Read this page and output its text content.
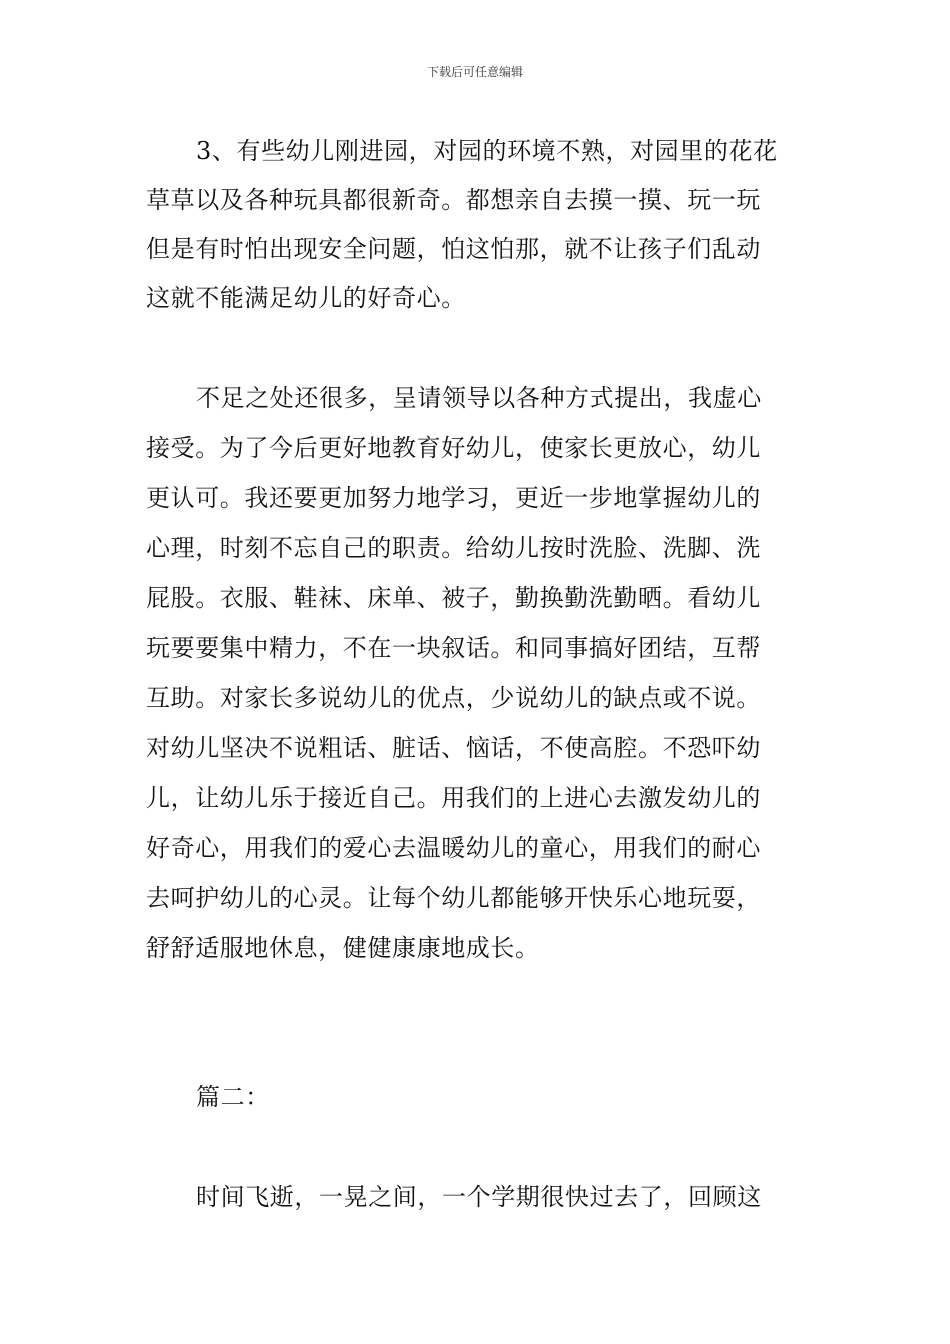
下载后可任意编辑
3、有些幼儿刚进园，对园的环境不熟，对园里的花花
草草以及各种玩具都很新奇。都想亲自去摸一摸、玩一玩
但是有时怕出现安全问题，怕这怕那，就不让孩子们乱动
这就不能满足幼儿的好奇心。
不足之处还很多，呈请领导以各种方式提出，我虚心
接受。为了今后更好地教育好幼儿，使家长更放心，幼儿
更认可。我还要更加努力地学习，更近一步地掌握幼儿的
心理，时刻不忘自己的职责。给幼儿按时洗脸、洗脚、洗
屁股。衣服、鞋袜、床单、被子，勤换勤洗勤晒。看幼儿
玩要要集中精力，不在一块叙话。和同事搞好团结，互帮
互助。对家长多说幼儿的优点，少说幼儿的缺点或不说。
对幼儿坚决不说粗话、脏话、恼话，不使高腔。不恐吓幼
儿，让幼儿乐于接近自己。用我们的上进心去激发幼儿的
好奇心，用我们的爱心去温暖幼儿的童心，用我们的耐心
去呵护幼儿的心灵。让每个幼儿都能够开快乐心地玩耍，
舒舒适服地休息，健健康康地成长。
篇二：
时间飞逝，一晃之间，一个学期很快过去了，回顾这
